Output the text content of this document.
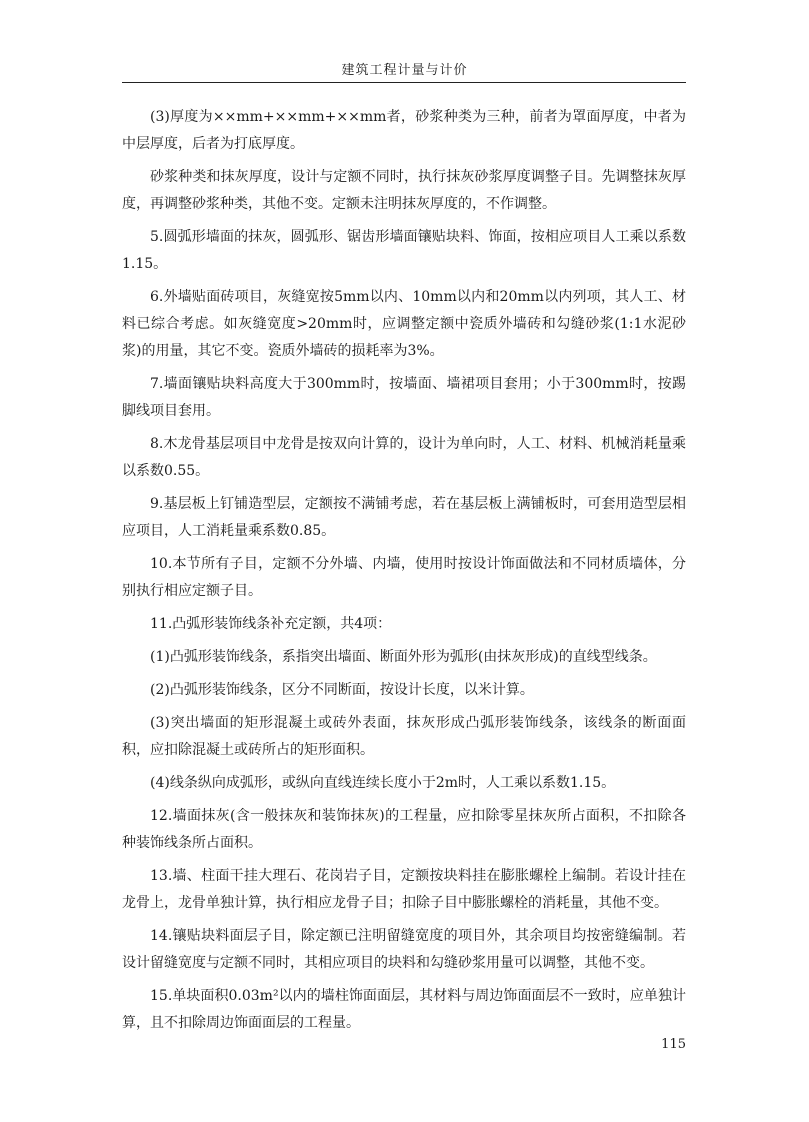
建筑工程计量与计价

(3)厚度为××mm+××mm+××mm者，砂浆种类为三种，前者为罩面厚度，中者为中层厚度，后者为打底厚度。

砂浆种类和抹灰厚度，设计与定额不同时，执行抹灰砂浆厚度调整子目。先调整抹灰厚度，再调整砂浆种类，其他不变。定额未注明抹灰厚度的，不作调整。

5.圆弧形墙面的抹灰，圆弧形、锯齿形墙面镶贴块料、饰面，按相应项目人工乘以系数1.15。

6.外墙贴面砖项目，灰缝宽按5mm以内、10mm以内和20mm以内列项，其人工、材料已综合考虑。如灰缝宽度>20mm时，应调整定额中瓷质外墙砖和勾缝砂浆(1:1水泥砂浆)的用量，其它不变。瓷质外墙砖的损耗率为3%。

7.墙面镶贴块料高度大于300mm时，按墙面、墙裙项目套用；小于300mm时，按踢脚线项目套用。

8.木龙骨基层项目中龙骨是按双向计算的，设计为单向时，人工、材料、机械消耗量乘以系数0.55。

9.基层板上钉铺造型层，定额按不满铺考虑，若在基层板上满铺板时，可套用造型层相应项目，人工消耗量乘系数0.85。

10.本节所有子目，定额不分外墙、内墙，使用时按设计饰面做法和不同材质墙体，分别执行相应定额子目。

11.凸弧形装饰线条补充定额，共4项：

(1)凸弧形装饰线条，系指突出墙面、断面外形为弧形(由抹灰形成)的直线型线条。

(2)凸弧形装饰线条，区分不同断面，按设计长度，以米计算。

(3)突出墙面的矩形混凝土或砖外表面，抹灰形成凸弧形装饰线条，该线条的断面面积，应扣除混凝土或砖所占的矩形面积。

(4)线条纵向成弧形，或纵向直线连续长度小于2m时，人工乘以系数1.15。

12.墙面抹灰(含一般抹灰和装饰抹灰)的工程量，应扣除零星抹灰所占面积，不扣除各种装饰线条所占面积。

13.墙、柱面干挂大理石、花岗岩子目，定额按块料挂在膨胀螺栓上编制。若设计挂在龙骨上，龙骨单独计算，执行相应龙骨子目；扣除子目中膨胀螺栓的消耗量，其他不变。

14.镶贴块料面层子目，除定额已注明留缝宽度的项目外，其余项目均按密缝编制。若设计留缝宽度与定额不同时，其相应项目的块料和勾缝砂浆用量可以调整，其他不变。

15.单块面积0.03m²以内的墙柱饰面面层，其材料与周边饰面面层不一致时，应单独计算，且不扣除周边饰面面层的工程量。

115
